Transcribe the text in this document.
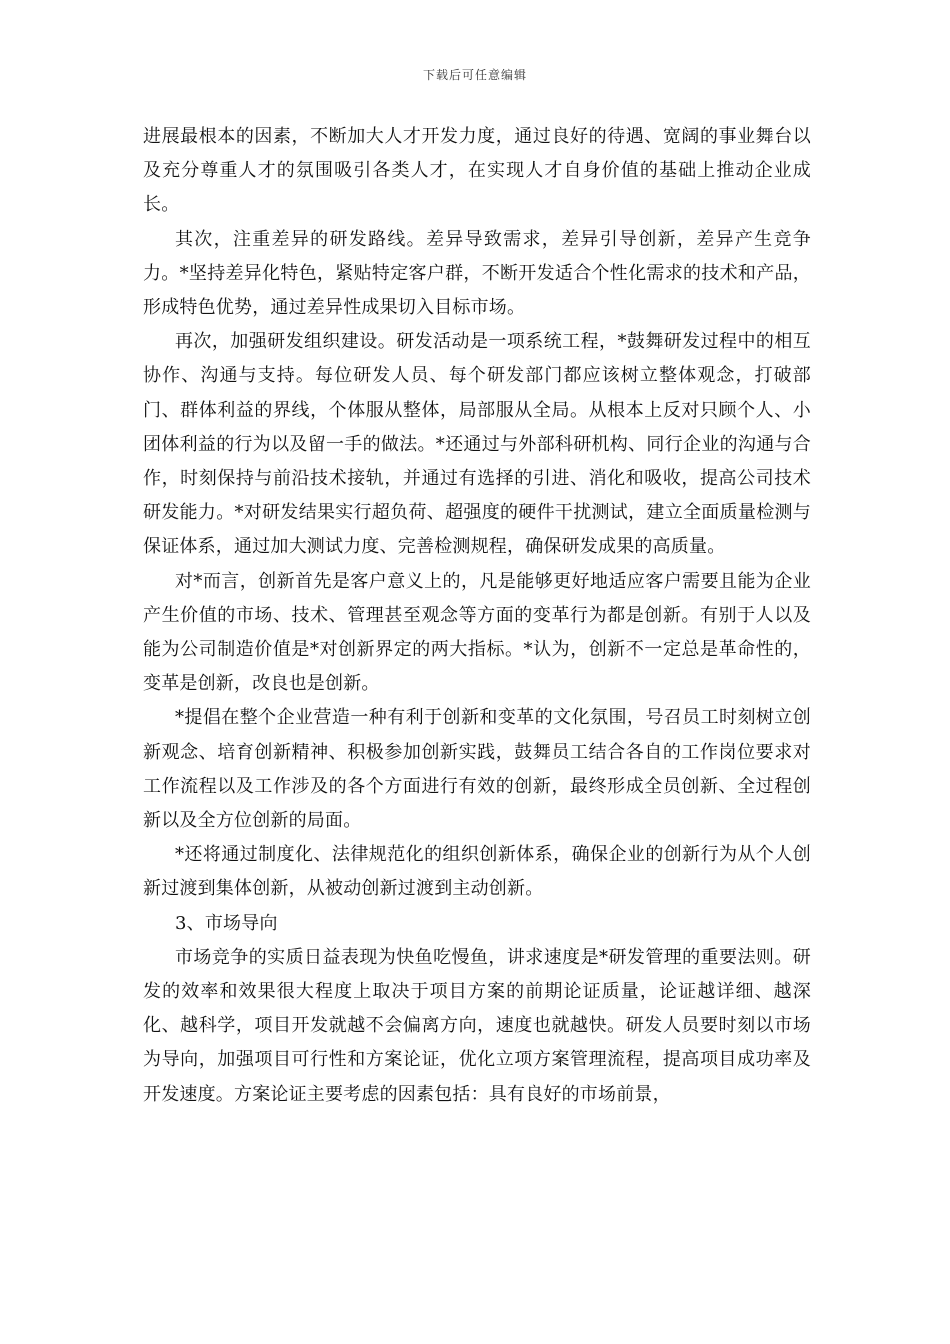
下载后可任意编辑

进展最根本的因素，不断加大人才开发力度，通过良好的待遇、宽阔的事业舞台以及充分尊重人才的氛围吸引各类人才，在实现人才自身价值的基础上推动企业成长。

其次，注重差异的研发路线。差异导致需求，差异引导创新，差异产生竞争力。*坚持差异化特色，紧贴特定客户群，不断开发适合个性化需求的技术和产品，形成特色优势，通过差异性成果切入目标市场。

再次，加强研发组织建设。研发活动是一项系统工程，*鼓舞研发过程中的相互协作、沟通与支持。每位研发人员、每个研发部门都应该树立整体观念，打破部门、群体利益的界线，个体服从整体，局部服从全局。从根本上反对只顾个人、小团体利益的行为以及留一手的做法。*还通过与外部科研机构、同行企业的沟通与合作，时刻保持与前沿技术接轨，并通过有选择的引进、消化和吸收，提高公司技术研发能力。*对研发结果实行超负荷、超强度的硬件干扰测试，建立全面质量检测与保证体系，通过加大测试力度、完善检测规程，确保研发成果的高质量。

对*而言，创新首先是客户意义上的，凡是能够更好地适应客户需要且能为企业产生价值的市场、技术、管理甚至观念等方面的变革行为都是创新。有别于人以及能为公司制造价值是*对创新界定的两大指标。*认为，创新不一定总是革命性的，变革是创新，改良也是创新。

*提倡在整个企业营造一种有利于创新和变革的文化氛围，号召员工时刻树立创新观念、培育创新精神、积极参加创新实践，鼓舞员工结合各自的工作岗位要求对工作流程以及工作涉及的各个方面进行有效的创新，最终形成全员创新、全过程创新以及全方位创新的局面。

*还将通过制度化、法律规范化的组织创新体系，确保企业的创新行为从个人创新过渡到集体创新，从被动创新过渡到主动创新。

3、市场导向

市场竞争的实质日益表现为快鱼吃慢鱼，讲求速度是*研发管理的重要法则。研发的效率和效果很大程度上取决于项目方案的前期论证质量，论证越详细、越深化、越科学，项目开发就越不会偏离方向，速度也就越快。研发人员要时刻以市场为导向，加强项目可行性和方案论证，优化立项方案管理流程，提高项目成功率及开发速度。方案论证主要考虑的因素包括：具有良好的市场前景，
